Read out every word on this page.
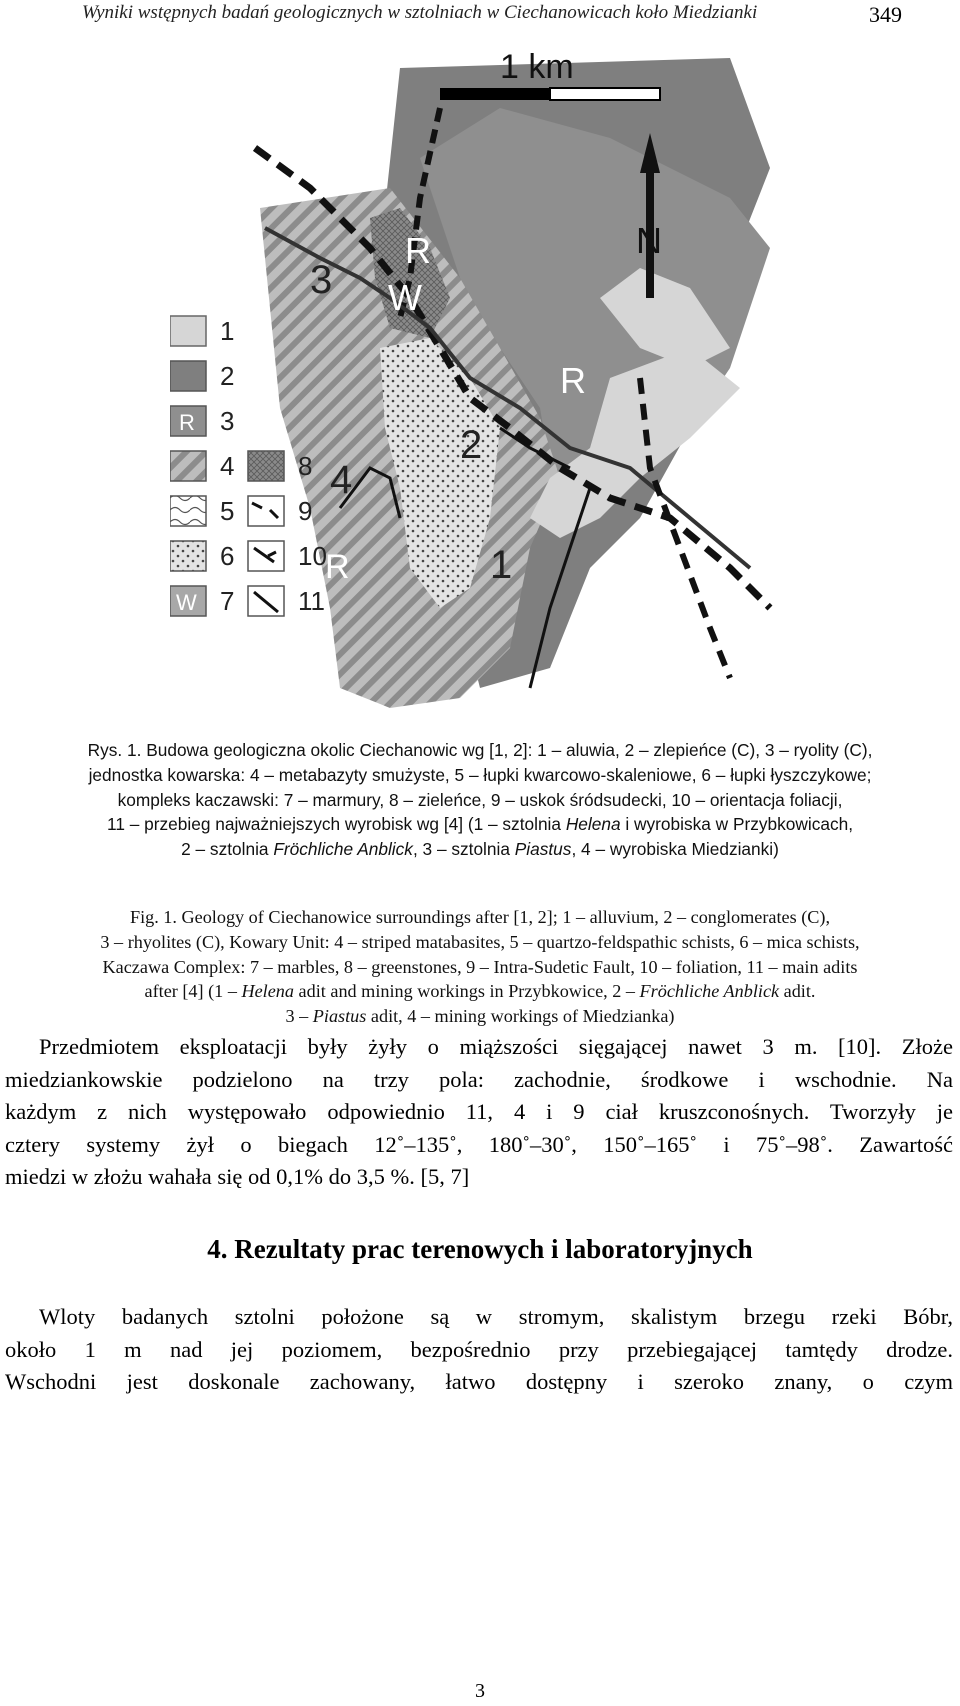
Wyniki wstępnych badań geologicznych w sztolniach w Ciechanowicach koło Miedzianki	349
1 km
N
R
W
3
R
2
4
1
R
1
2
R 3
4 8
5 9
6 10
W 7 11
Rys. 1. Budowa geologiczna okolic Ciechanowic wg [1, 2]: 1 – aluwia, 2 – zlepieńce (C), 3 – ryolity (C),
jednostka kowarska: 4 – metabazyty smużyste, 5 – łupki kwarcowo-skaleniowe, 6 – łupki łyszczykowe;
kompleks kaczawski: 7 – marmury, 8 – zieleńce, 9 – uskok śródsudecki, 10 – orientacja foliacji,
11 – przebieg najważniejszych wyrobisk wg [4] (1 – sztolnia Helena i wyrobiska w Przybkowicach,
2 – sztolnia Fröchliche Anblick, 3 – sztolnia Piastus, 4 – wyrobiska Miedzianki)
Fig. 1. Geology of Ciechanowice surroundings after [1, 2]; 1 – alluvium, 2 – conglomerates (C),
3 – rhyolites (C), Kowary Unit: 4 – striped matabasites, 5 – quartzo-feldspathic schists, 6 – mica schists,
Kaczawa Complex: 7 – marbles, 8 – greenstones, 9 – Intra-Sudetic Fault, 10 – foliation, 11 – main adits
after [4] (1 – Helena adit and mining workings in Przybkowice, 2 – Fröchliche Anblick adit.
3 – Piastus adit, 4 – mining workings of Miedzianka)
Przedmiotem eksploatacji były żyły o miąższości sięgającej nawet 3 m. [10]. Złoże
miedziankowskie podzielono na trzy pola: zachodnie, środkowe i wschodnie. Na
każdym z nich występowało odpowiednio 11, 4 i 9 ciał kruszconośnych. Tworzyły je
cztery systemy żył o biegach 12˚–135˚, 180˚–30˚, 150˚–165˚ i 75˚–98˚. Zawartość
miedzi w złożu wahała się od 0,1% do 3,5 %. [5, 7]
4. Rezultaty prac terenowych i laboratoryjnych
Wloty badanych sztolni położone są w stromym, skalistym brzegu rzeki Bóbr,
około 1 m nad jej poziomem, bezpośrednio przy przebiegającej tamtędy drodze.
Wschodni jest doskonale zachowany, łatwo dostępny i szeroko znany, o czym
3
